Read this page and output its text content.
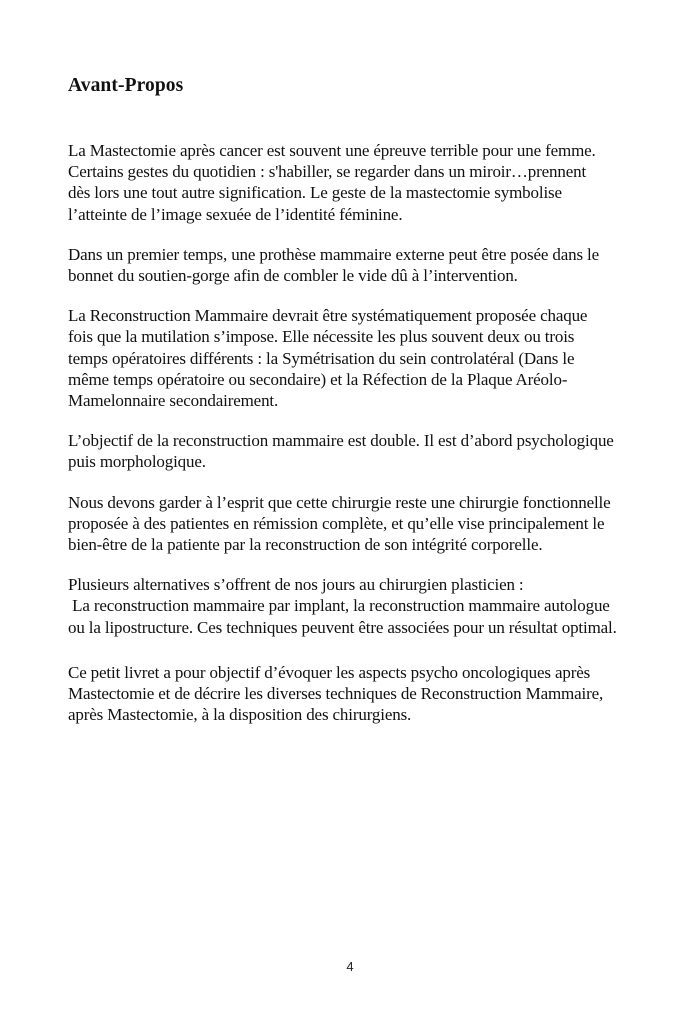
Avant-Propos

La Mastectomie après cancer est souvent une épreuve terrible pour une femme.
Certains gestes du quotidien : s'habiller, se regarder dans un miroir…prennent
dès lors une tout autre signification. Le geste de la mastectomie symbolise
l’atteinte de l’image sexuée de l’identité féminine.

Dans un premier temps, une prothèse mammaire externe peut être posée dans le
bonnet du soutien-gorge afin de combler le vide dû à l’intervention.

La Reconstruction Mammaire devrait être systématiquement proposée chaque
fois que la mutilation s’impose. Elle nécessite les plus souvent deux ou trois
temps opératoires différents : la Symétrisation du sein controlatéral (Dans le
même temps opératoire ou secondaire) et la Réfection de la Plaque Aréolo-
Mamelonnaire secondairement.

L’objectif de la reconstruction mammaire est double. Il est d’abord psychologique
puis morphologique.

Nous devons garder à l’esprit que cette chirurgie reste une chirurgie fonctionnelle
proposée à des patientes en rémission complète, et qu’elle vise principalement le
bien-être de la patiente par la reconstruction de son intégrité corporelle.

Plusieurs alternatives s’offrent de nos jours au chirurgien plasticien :
La reconstruction mammaire par implant, la reconstruction mammaire autologue
ou la lipostructure. Ces techniques peuvent être associées pour un résultat optimal.

Ce petit livret a pour objectif d’évoquer les aspects psycho oncologiques après
Mastectomie et de décrire les diverses techniques de Reconstruction Mammaire,
après Mastectomie, à la disposition des chirurgiens.

4
